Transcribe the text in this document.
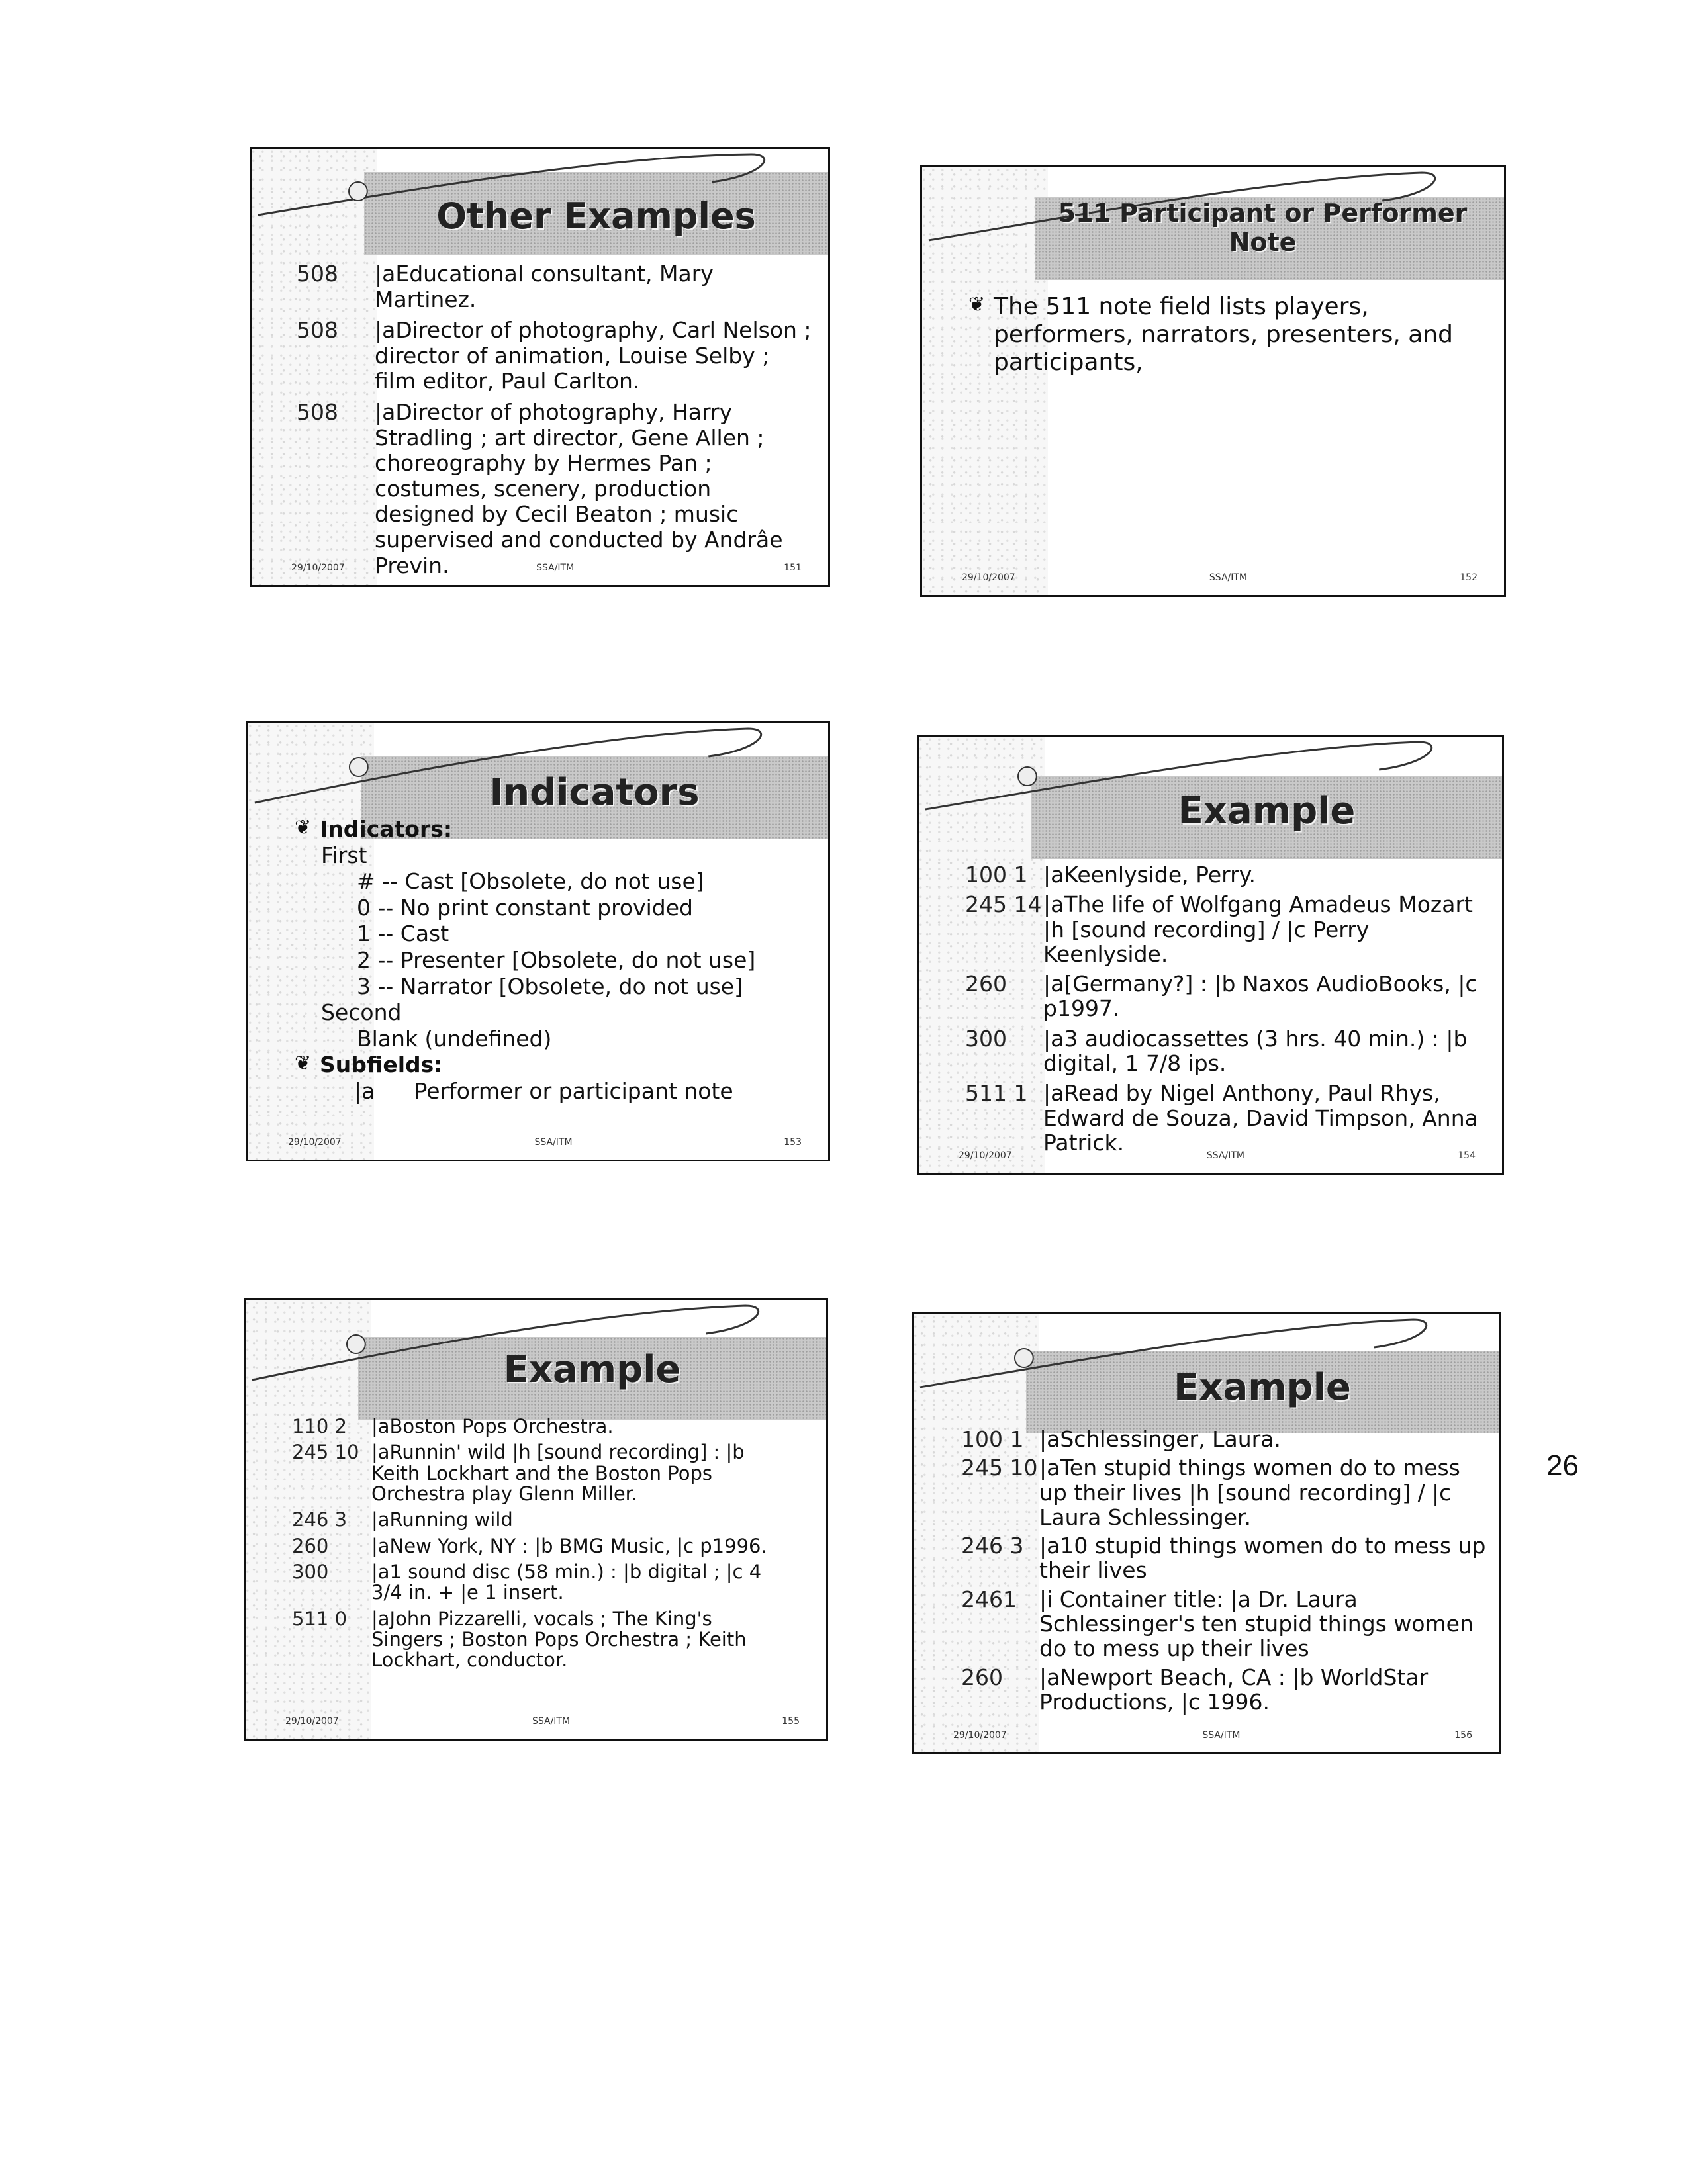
Other Examples
508 |aEducational consultant, Mary Martinez.
508 |aDirector of photography, Carl Nelson ; director of animation, Louise Selby ; film editor, Paul Carlton.
508 |aDirector of photography, Harry Stradling ; art director, Gene Allen ; choreography by Hermes Pan ; costumes, scenery, production designed by Cecil Beaton ; music supervised and conducted by Andrâe Previn.
29/10/2007	SSA/ITM	151
511 Participant or Performer
Note
❦ The 511 note field lists players, performers, narrators, presenters, and participants,
29/10/2007	SSA/ITM	152
Indicators
❦ Indicators:
First
# -- Cast [Obsolete, do not use]
0 -- No print constant provided
1 -- Cast
2 -- Presenter [Obsolete, do not use]
3 -- Narrator [Obsolete, do not use]
Second
Blank (undefined)
❦ Subfields:
|a Performer or participant note
29/10/2007	SSA/ITM	153
Example
100 1 |aKeenlyside, Perry.
245 14 |aThe life of Wolfgang Amadeus Mozart |h [sound recording] / |c Perry Keenlyside.
260 |a[Germany?] : |b Naxos AudioBooks, |c p1997.
300 |a3 audiocassettes (3 hrs. 40 min.) : |b digital, 1 7/8 ips.
511 1 |aRead by Nigel Anthony, Paul Rhys, Edward de Souza, David Timpson, Anna Patrick.
29/10/2007	SSA/ITM	154
Example
110 2 |aBoston Pops Orchestra.
245 10 |aRunnin' wild |h [sound recording] : |b Keith Lockhart and the Boston Pops Orchestra play Glenn Miller.
246 3 |aRunning wild
260 |aNew York, NY : |b BMG Music, |c p1996.
300 |a1 sound disc (58 min.) : |b digital ; |c 4 3/4 in. + |e 1 insert.
511 0 |aJohn Pizzarelli, vocals ; The King's Singers ; Boston Pops Orchestra ; Keith Lockhart, conductor.
29/10/2007	SSA/ITM	155
Example
100 1 |aSchlessinger, Laura.
245 10 |aTen stupid things women do to mess up their lives |h [sound recording] / |c Laura Schlessinger.
246 3 |a10 stupid things women do to mess up their lives
2461 |i Container title: |a Dr. Laura Schlessinger's ten stupid things women do to mess up their lives
260 |aNewport Beach, CA : |b WorldStar Productions, |c 1996.
29/10/2007	SSA/ITM	156
26
